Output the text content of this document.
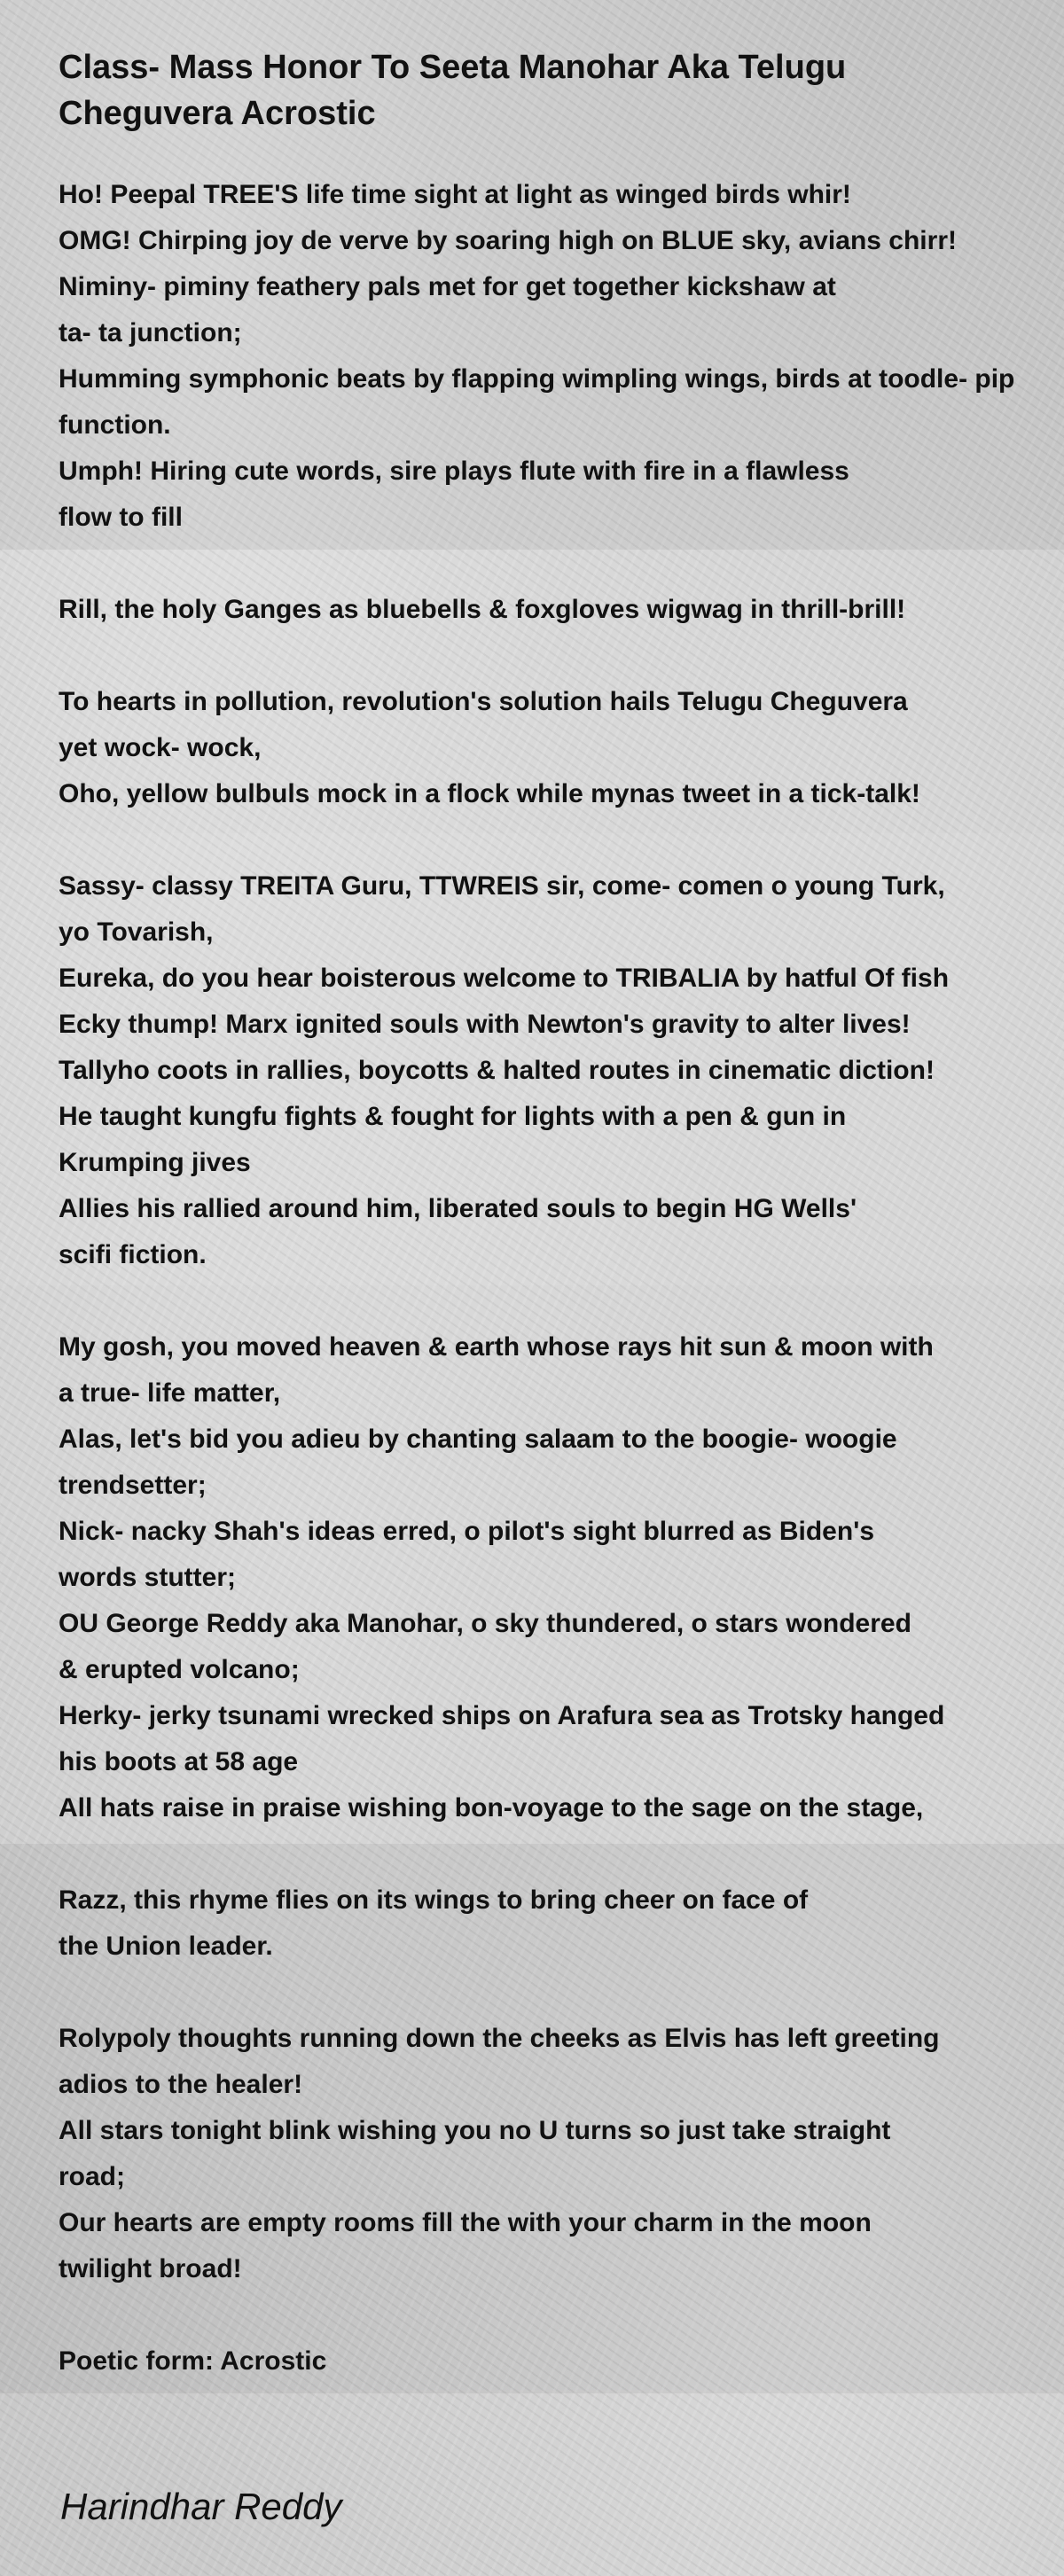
Class- Mass Honor To Seeta Manohar Aka Telugu Cheguvera Acrostic
Ho! Peepal TREE'S life time sight at light as winged birds whir!
OMG! Chirping joy de verve by soaring high on BLUE sky, avians chirr!
Niminy- piminy feathery pals met for get together kickshaw at
ta- ta junction;
Humming symphonic beats by flapping wimpling wings, birds at toodle- pip
function.
Umph! Hiring cute words, sire plays flute with fire in a flawless
flow to fill
Rill, the holy Ganges as bluebells & foxgloves wigwag in thrill-brill!
To hearts in pollution, revolution's solution hails Telugu Cheguvera
yet wock- wock,
Oho, yellow bulbuls mock in a flock while mynas tweet in a tick-talk!
Sassy- classy TREITA Guru, TTWREIS sir, come- comen o young Turk,
yo Tovarish,
Eureka, do you hear boisterous welcome to TRIBALIA by hatful Of fish
Ecky thump! Marx ignited souls with Newton's gravity to alter lives!
Tallyho coots in rallies, boycotts & halted routes in cinematic diction!
He taught kungfu fights & fought for lights with a pen & gun in
Krumping jives
Allies his rallied around him, liberated souls to begin HG Wells'
scifi fiction.
My gosh, you moved heaven & earth whose rays hit sun & moon with
a true- life matter,
Alas, let's bid you adieu by chanting salaam to the boogie- woogie
trendsetter;
Nick- nacky Shah's ideas erred, o pilot's sight blurred as Biden's
words stutter;
OU George Reddy aka Manohar, o sky thundered, o stars wondered
& erupted volcano;
Herky- jerky tsunami wrecked ships on Arafura sea as Trotsky hanged
his boots at 58 age
All hats raise in praise wishing bon-voyage to the sage on the stage,
Razz, this rhyme flies on its wings to bring cheer on face of
the Union leader.
Rolypoly thoughts running down the cheeks as Elvis has left greeting
adios to the healer!
All stars tonight blink wishing you no U turns so just take straight
road;
Our hearts are empty rooms fill the with your charm in the moon
twilight broad!
Poetic form: Acrostic
Harindhar Reddy
